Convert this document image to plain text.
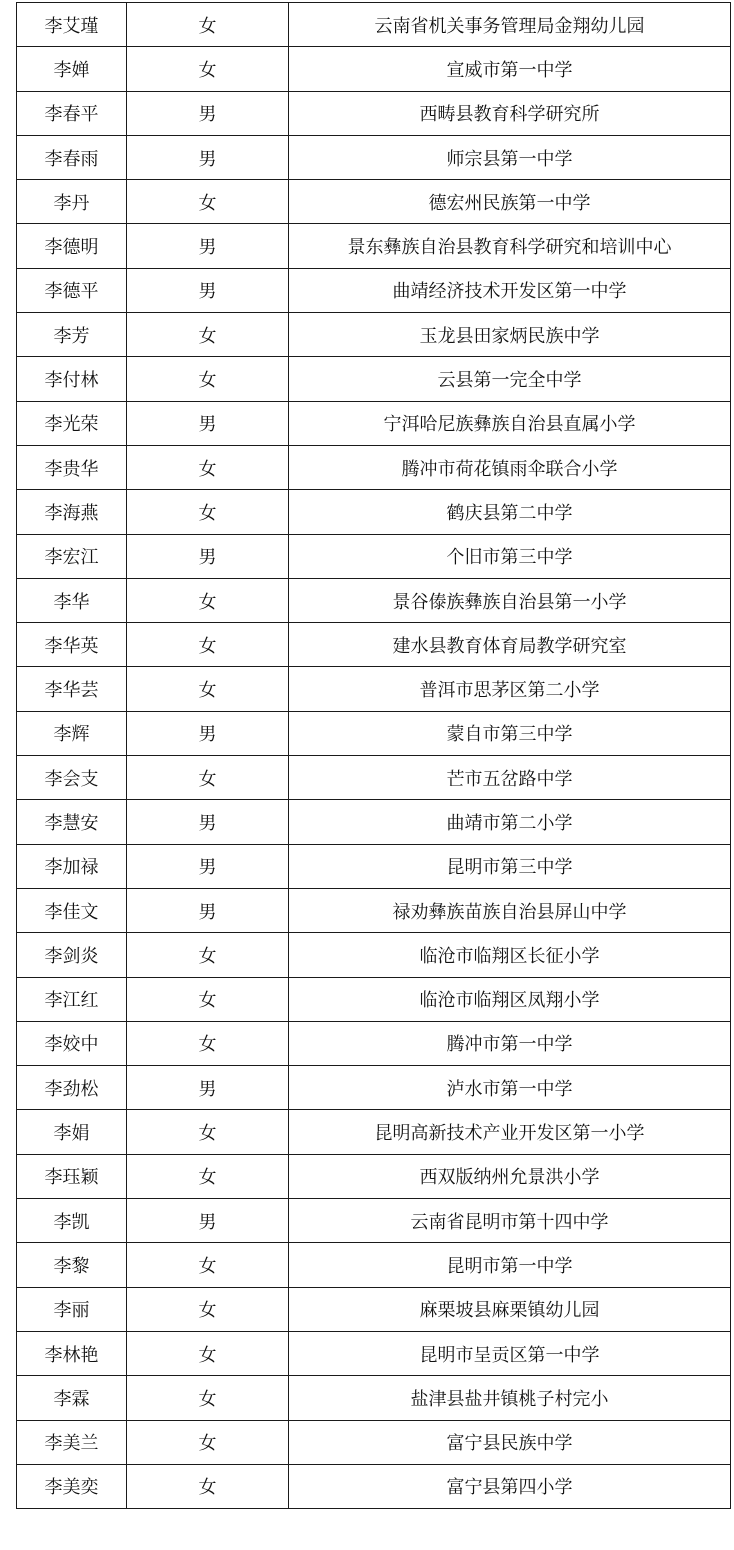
李艾瑾	女	云南省机关事务管理局金翔幼儿园
李婵	女	宣威市第一中学
李春平	男	西畴县教育科学研究所
李春雨	男	师宗县第一中学
李丹	女	德宏州民族第一中学
李德明	男	景东彝族自治县教育科学研究和培训中心
李德平	男	曲靖经济技术开发区第一中学
李芳	女	玉龙县田家炳民族中学
李付林	女	云县第一完全中学
李光荣	男	宁洱哈尼族彝族自治县直属小学
李贵华	女	腾冲市荷花镇雨伞联合小学
李海燕	女	鹤庆县第二中学
李宏江	男	个旧市第三中学
李华	女	景谷傣族彝族自治县第一小学
李华英	女	建水县教育体育局教学研究室
李华芸	女	普洱市思茅区第二小学
李辉	男	蒙自市第三中学
李会支	女	芒市五岔路中学
李慧安	男	曲靖市第二小学
李加禄	男	昆明市第三中学
李佳文	男	禄劝彝族苗族自治县屏山中学
李剑炎	女	临沧市临翔区长征小学
李江红	女	临沧市临翔区凤翔小学
李姣中	女	腾冲市第一中学
李劲松	男	泸水市第一中学
李娟	女	昆明高新技术产业开发区第一小学
李珏颖	女	西双版纳州允景洪小学
李凯	男	云南省昆明市第十四中学
李黎	女	昆明市第一中学
李丽	女	麻栗坡县麻栗镇幼儿园
李林艳	女	昆明市呈贡区第一中学
李霖	女	盐津县盐井镇桃子村完小
李美兰	女	富宁县民族中学
李美奕	女	富宁县第四小学
